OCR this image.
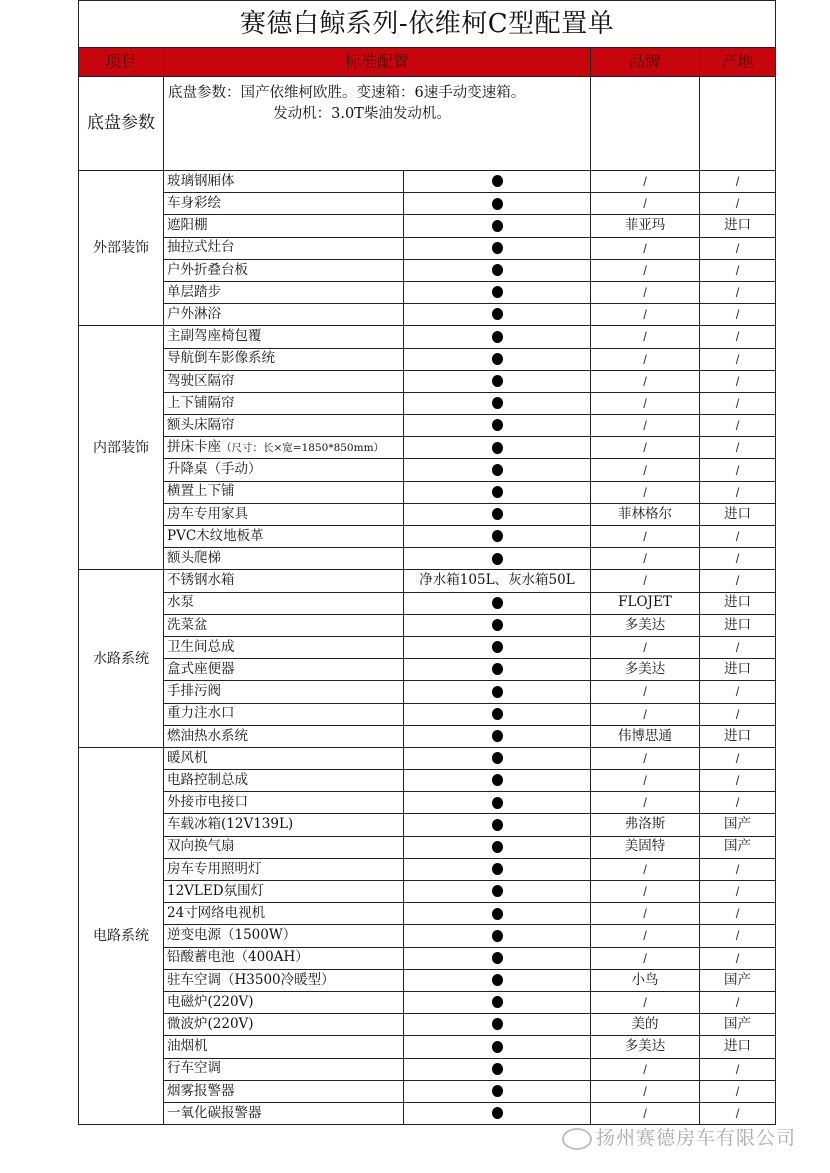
赛德白鲸系列-依维柯C型配置单				
项目	标准配置		品牌	产地
底盘参数	底盘参数：国产依维柯欧胜。变速箱：6速手动变速箱。

发动机：3.0T柴油发动机。			

外部装饰	玻璃钢厢体		/	/
	车身彩绘		/	/
	遮阳棚		菲亚玛	进口
	抽拉式灶台		/	/
	户外折叠台板		/	/
	单层踏步		/	/
	户外淋浴		/	/
内部装饰	主副驾座椅包覆		/	/
	导航倒车影像系统		/	/
	驾驶区隔帘		/	/
	上下铺隔帘		/	/
	额头床隔帘		/	/
	拼床卡座（尺寸：长×宽=1850*850mm）		/	/
	升降桌（手动）		/	/
	横置上下铺		/	/
	房车专用家具		菲林格尔	进口
	PVC木纹地板革		/	/
	额头爬梯		/	/
水路系统	不锈钢水箱	净水箱105L、灰水箱50L	/	/
	水泵		FLOJET	进口
	洗菜盆		多美达	进口
	卫生间总成		/	/
	盒式座便器		多美达	进口
	手排污阀		/	/
	重力注水口		/	/
	燃油热水系统		伟博思通	进口
电路系统	暖风机		/	/
	电路控制总成		/	/
	外接市电接口		/	/
	车载冰箱(12V139L)		弗洛斯	国产
	双向换气扇		美固特	国产
	房车专用照明灯		/	/
	12VLED氛围灯		/	/
	24寸网络电视机		/	/
	逆变电源（1500W）		/	/
	铅酸蓄电池（400AH）		/	/
	驻车空调（H3500冷暖型）		小鸟	国产
	电磁炉(220V)		/	/
	微波炉(220V)		美的	国产
	油烟机		多美达	进口
	行车空调		/	/
	烟雾报警器		/	/
	一氧化碳报警器		/	/
扬州赛德房车有限公司
